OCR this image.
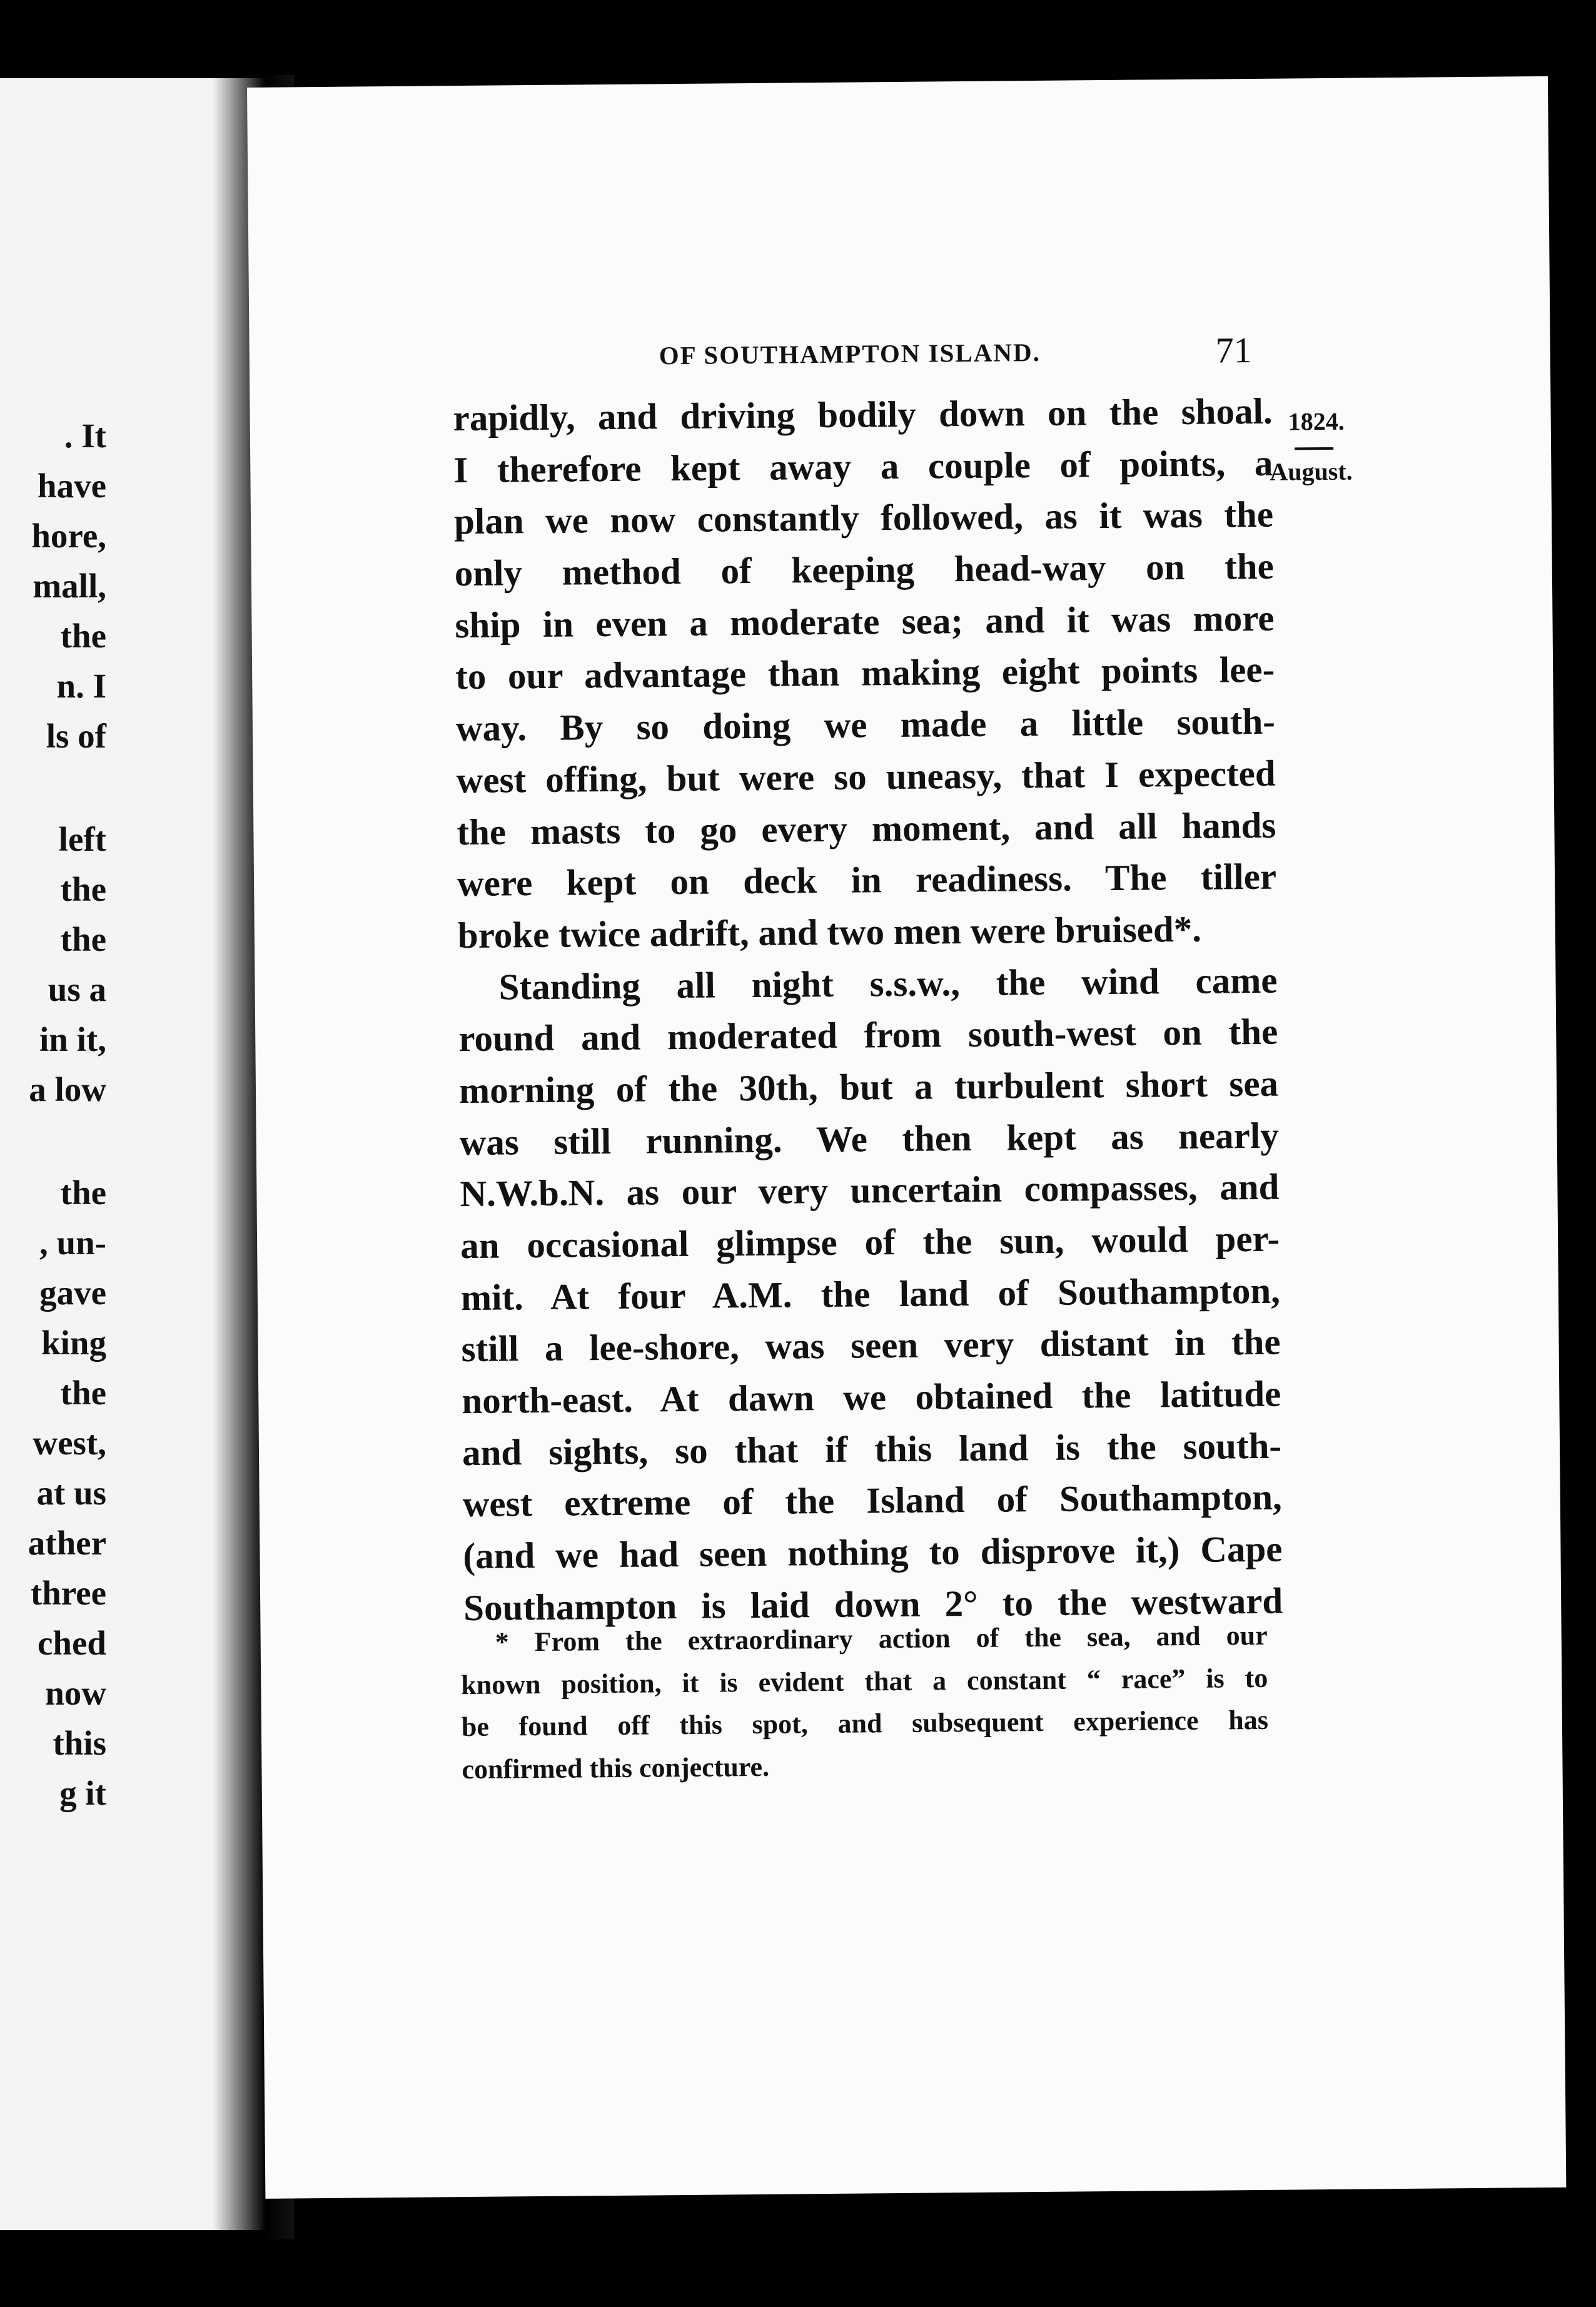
. It
have
hore,
mall,
the
n. I
ls of
left
the
the
us a
in it,
a low
the
, un-
gave
king
the
west,
at us
ather
three
ched
now
this
g it
OF SOUTHAMPTON ISLAND.	71
1824.
August.
rapidly, and driving bodily down on the shoal.
I therefore kept away a couple of points, a
plan we now constantly followed, as it was the
only method of keeping head-way on the
ship in even a moderate sea; and it was more
to our advantage than making eight points lee-
way. By so doing we made a little south-
west offing, but were so uneasy, that I expected
the masts to go every moment, and all hands
were kept on deck in readiness. The tiller
broke twice adrift, and two men were bruised*.
Standing all night s.s.w., the wind came
round and moderated from south-west on the
morning of the 30th, but a turbulent short sea
was still running. We then kept as nearly
N.W.b.N. as our very uncertain compasses, and
an occasional glimpse of the sun, would per-
mit. At four A.M. the land of Southampton,
still a lee-shore, was seen very distant in the
north-east. At dawn we obtained the latitude
and sights, so that if this land is the south-
west extreme of the Island of Southampton,
(and we had seen nothing to disprove it,) Cape
Southampton is laid down 2° to the westward
* From the extraordinary action of the sea, and our
known position, it is evident that a constant “ race” is to
be found off this spot, and subsequent experience has
confirmed this conjecture.
